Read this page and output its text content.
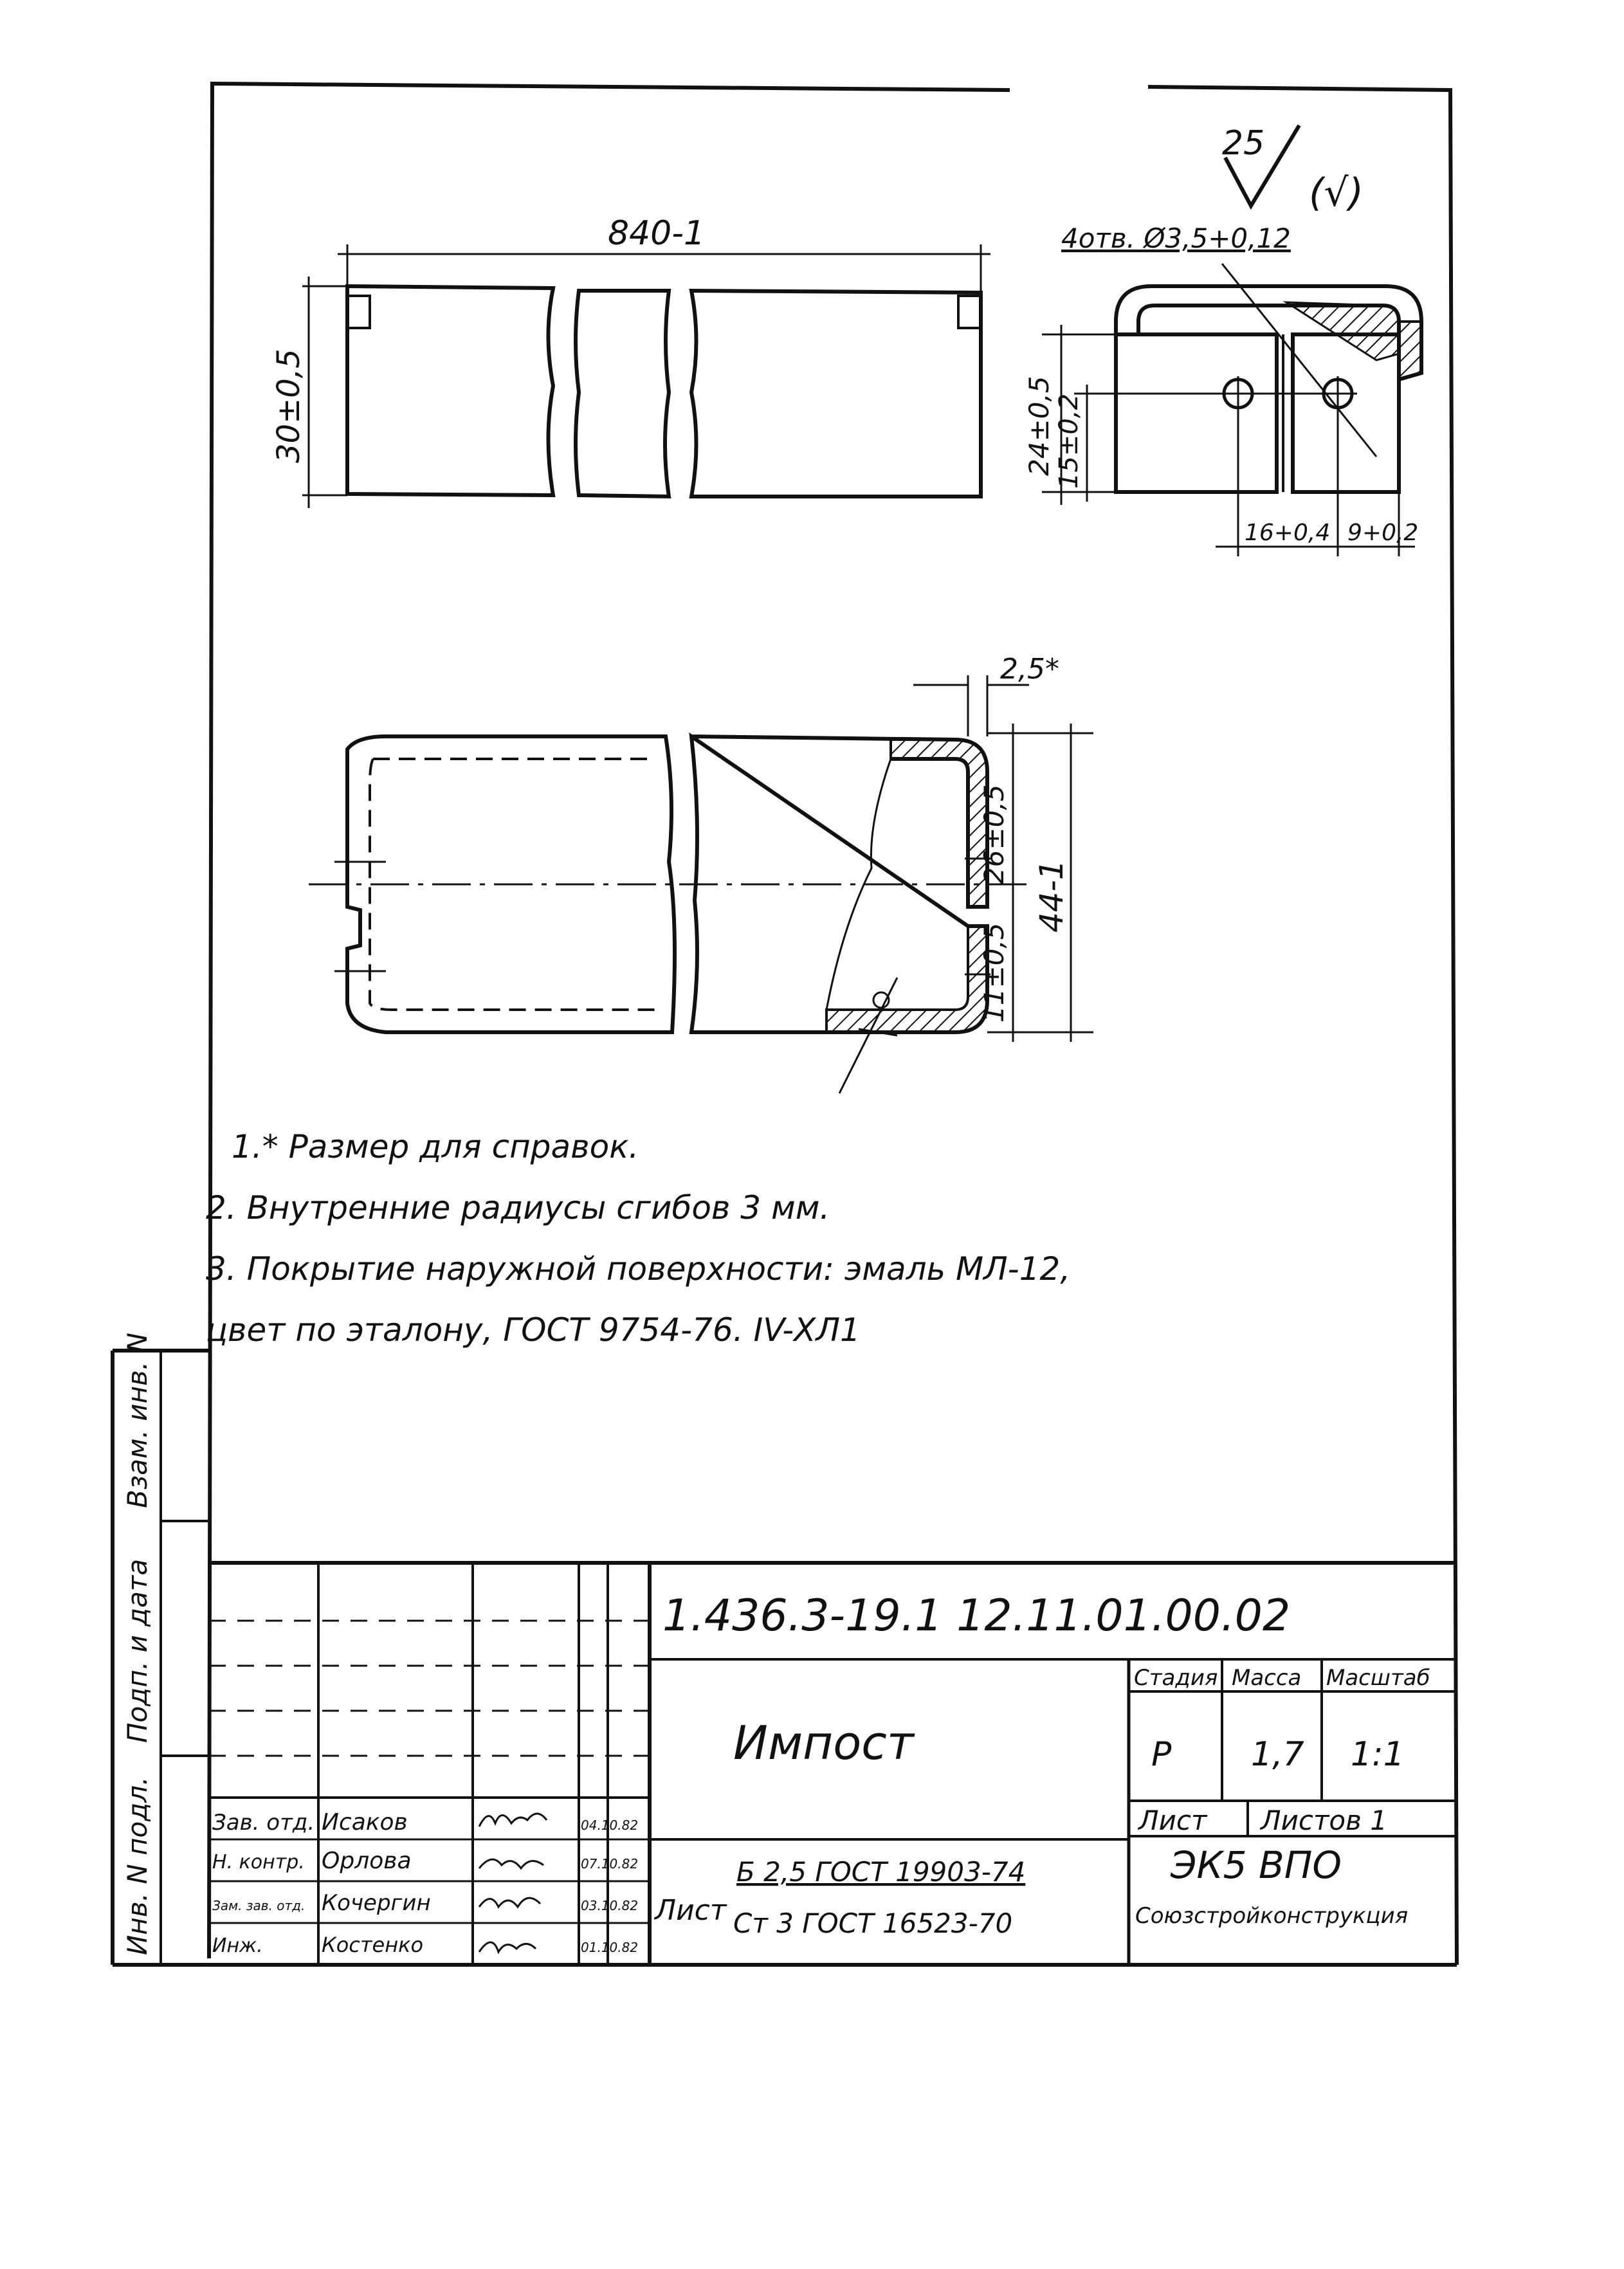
840-1
30±0,5
4отв. Ø3,5+0,12
24±0,5 15±0,2
16+0,4 9+0,2
2,5*
26±0,5
11±0,5
44-1
25
(√)
1.* Размер для справок.
2. Внутренние радиусы сгибов 3 мм.
3. Покрытие наружной поверхности: эмаль МЛ-12,
цвет по эталону, ГОСТ 9754-76. IV-ХЛ1
Инв. N подл.
Подп. и дата
Взам. инв. N
1.436.3-19.1 12.11.01.00.02
Импост
Стадия Масса Масштаб
Р 1,7 1:1
Лист Листов 1
ЭК5 ВПО
Союзстройконструкция
Лист
Б 2,5 ГОСТ 19903-74
Ст 3 ГОСТ 16523-70
Зав. отд. Исаков	04.10.82
Н. контр. Орлова	07.10.82
Зам. зав. отд. Кочергин	03.10.82
Инж.	Костенко	01.10.82
